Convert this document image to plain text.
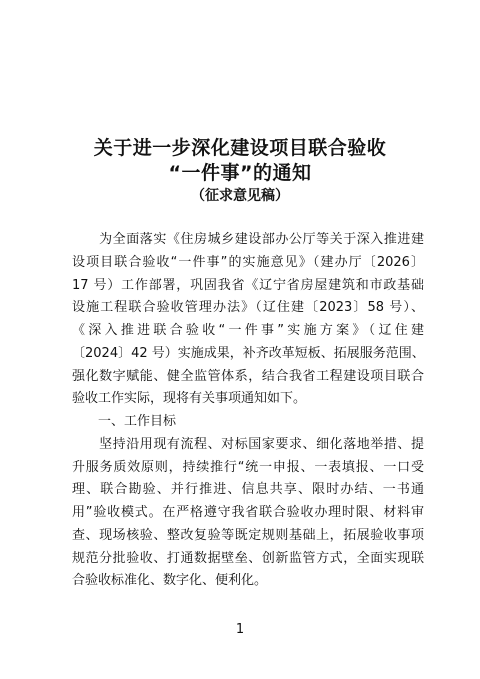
关于进一步深化建设项目联合验收
“一件事”的通知
（征求意见稿）
　　为全面落实《住房城乡建设部办公厅等关于深入推进建
设项目联合验收“一件事”的实施意见》（建办厅〔2026〕
17 号）工作部署，巩固我省《辽宁省房屋建筑和市政基础
设施工程联合验收管理办法》（辽住建〔2023〕58 号）、
《深入推进联合验收“一件事”实施方案》（辽住建
〔2024〕42 号）实施成果，补齐改革短板、拓展服务范围、
强化数字赋能、健全监管体系，结合我省工程建设项目联合
验收工作实际，现将有关事项通知如下。
　　一、工作目标
　　坚持沿用现有流程、对标国家要求、细化落地举措、提
升服务质效原则，持续推行“统一申报、一表填报、一口受
理、联合勘验、并行推进、信息共享、限时办结、一书通
用”验收模式。在严格遵守我省联合验收办理时限、材料审
查、现场核验、整改复验等既定规则基础上，拓展验收事项
规范分批验收、打通数据壁垒、创新监管方式，全面实现联
合验收标准化、数字化、便利化。
1
